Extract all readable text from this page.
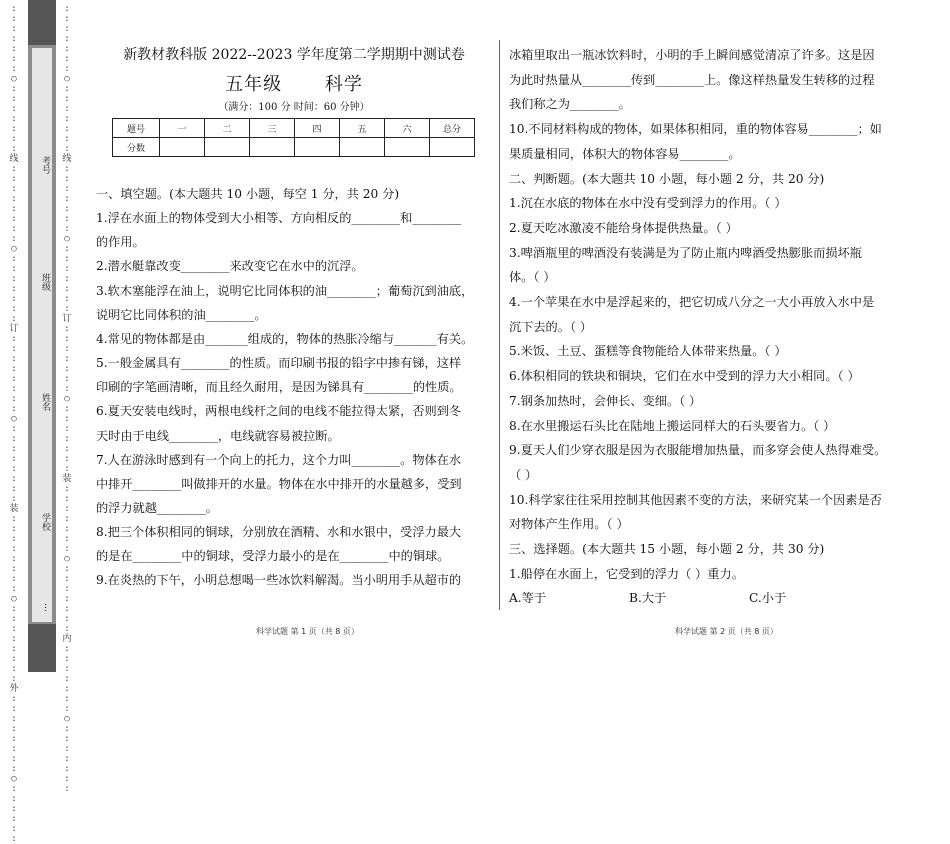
:
:
:
:
:
:
:
○
:
:
:
:
:
:
:
线
:
:
:
:
:
:
:
:
○
:
:
:
:
:
:
:
订
:
:
:
:
:
:
:
:
○
:
:
:
:
:
:
:
:
装
:
:
:
:
:
:
:
:
○
:
:
:
:
:
:
:
:
外
:
:
:
:
:
:
:
:
○
:
:
:
:
:
:
考号
班级
姓名
学校
…
:
:
:
:
:
:
:
○
:
:
:
:
:
:
:
线
:
:
:
:
:
:
:
○
:
:
:
:
:
:
:
订
:
:
:
:
:
:
:
○
:
:
:
:
:
:
:
装
:
:
:
:
:
:
:
○
:
:
:
:
:
:
:
内
:
:
:
:
:
:
:
○
:
:
:
:
:
:
:
新教材教科版 2022--2023 学年度第二学期期中测试卷
五年级 科学
（满分：100 分 时间：60 分钟）
题号	一	二	三	四	五	六	总分
分数							
一、填空题。(本大题共 10 小题，每空 1 分，共 20 分)
1.浮在水面上的物体受到大小相等、方向相反的________和________
的作用。
2.潜水艇靠改变________来改变它在水中的沉浮。
3.软木塞能浮在油上，说明它比同体积的油________；葡萄沉到油底，
说明它比同体积的油________。
4.常见的物体都是由_______组成的，物体的热胀冷缩与_______有关。
5.一般金属具有________的性质。而印刷书报的铅字中掺有锑，这样
印刷的字笔画清晰，而且经久耐用，是因为锑具有________的性质。
6.夏天安装电线时，两根电线杆之间的电线不能拉得太紧，否则到冬
天时由于电线________，电线就容易被拉断。
7.人在游泳时感到有一个向上的托力，这个力叫________。物体在水
中排开________叫做排开的水量。物体在水中排开的水量越多，受到
的浮力就越________。
8.把三个体积相同的铜球，分别放在酒精、水和水银中，受浮力最大
的是在________中的铜球，受浮力最小的是在________中的铜球。
9.在炎热的下午，小明总想喝一些冰饮料解渴。当小明用手从超市的
科学试题 第 1 页（共 8 页）
冰箱里取出一瓶冰饮料时，小明的手上瞬间感觉清凉了许多。这是因
为此时热量从________传到________上。像这样热量发生转移的过程
我们称之为________。
10.不同材料构成的物体，如果体积相同，重的物体容易________；如
果质量相同，体积大的物体容易________。
二、判断题。(本大题共 10 小题，每小题 2 分，共 20 分)
1.沉在水底的物体在水中没有受到浮力的作用。（ ）
2.夏天吃冰激凌不能给身体提供热量。（ ）
3.啤酒瓶里的啤酒没有装满是为了防止瓶内啤酒受热膨胀而损坏瓶
体。（ ）
4.一个苹果在水中是浮起来的，把它切成八分之一大小再放入水中是
沉下去的。（ ）
5.米饭、土豆、蛋糕等食物能给人体带来热量。（ ）
6.体积相同的铁块和铜块，它们在水中受到的浮力大小相同。（ ）
7.钢条加热时，会伸长、变细。（ ）
8.在水里搬运石头比在陆地上搬运同样大的石头要省力。（ ）
9.夏天人们少穿衣服是因为衣服能增加热量，而多穿会使人热得难受。
（ ）
10.科学家往往采用控制其他因素不变的方法，来研究某一个因素是否
对物体产生作用。（ ）
三、选择题。(本大题共 15 小题，每小题 2 分，共 30 分)
1.船停在水面上，它受到的浮力（ ）重力。
A.等于	B.大于	C.小于
科学试题 第 2 页（共 8 页）
